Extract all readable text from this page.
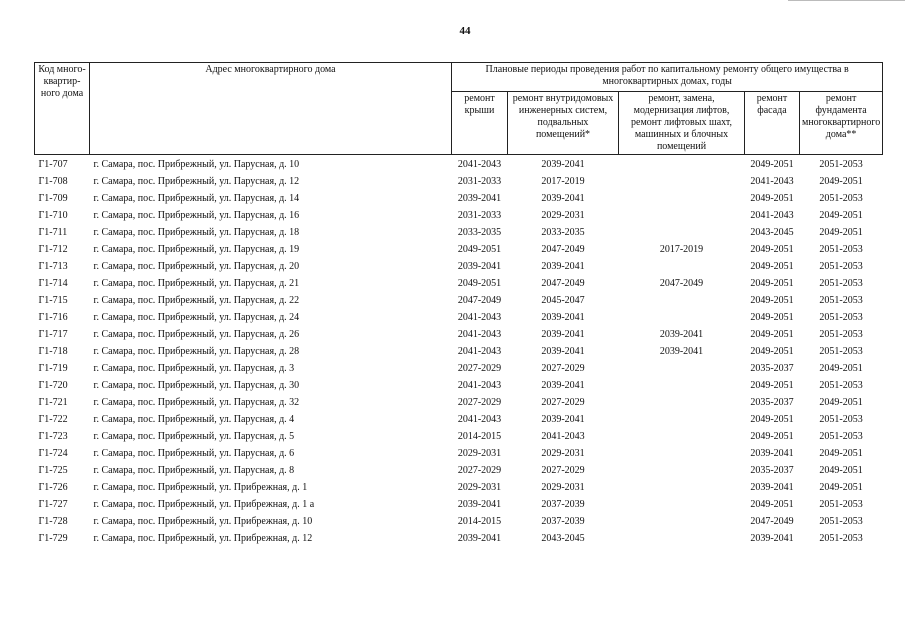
44
Код много-квартир-ного дома	Адрес многоквартирного дома	Плановые периоды проведения работ по капитальному ремонту общего имущества в многоквартирных домах, годы				
		ремонт крыши	ремонт внутридомовых инженерных систем, подвальных помещений*	ремонт, замена, модернизация лифтов, ремонт лифтовых шахт, машинных и блочных помещений	ремонт фасада	ремонт фундамента многоквартирного дома**
Г1-707	г. Самара, пос. Прибрежный, ул. Парусная, д. 10	2041-2043	2039-2041		2049-2051	2051-2053
Г1-708	г. Самара, пос. Прибрежный, ул. Парусная, д. 12	2031-2033	2017-2019		2041-2043	2049-2051
Г1-709	г. Самара, пос. Прибрежный, ул. Парусная, д. 14	2039-2041	2039-2041		2049-2051	2051-2053
Г1-710	г. Самара, пос. Прибрежный, ул. Парусная, д. 16	2031-2033	2029-2031		2041-2043	2049-2051
Г1-711	г. Самара, пос. Прибрежный, ул. Парусная, д. 18	2033-2035	2033-2035		2043-2045	2049-2051
Г1-712	г. Самара, пос. Прибрежный, ул. Парусная, д. 19	2049-2051	2047-2049	2017-2019	2049-2051	2051-2053
Г1-713	г. Самара, пос. Прибрежный, ул. Парусная, д. 20	2039-2041	2039-2041		2049-2051	2051-2053
Г1-714	г. Самара, пос. Прибрежный, ул. Парусная, д. 21	2049-2051	2047-2049	2047-2049	2049-2051	2051-2053
Г1-715	г. Самара, пос. Прибрежный, ул. Парусная, д. 22	2047-2049	2045-2047		2049-2051	2051-2053
Г1-716	г. Самара, пос. Прибрежный, ул. Парусная, д. 24	2041-2043	2039-2041		2049-2051	2051-2053
Г1-717	г. Самара, пос. Прибрежный, ул. Парусная, д. 26	2041-2043	2039-2041	2039-2041	2049-2051	2051-2053
Г1-718	г. Самара, пос. Прибрежный, ул. Парусная, д. 28	2041-2043	2039-2041	2039-2041	2049-2051	2051-2053
Г1-719	г. Самара, пос. Прибрежный, ул. Парусная, д. 3	2027-2029	2027-2029		2035-2037	2049-2051
Г1-720	г. Самара, пос. Прибрежный, ул. Парусная, д. 30	2041-2043	2039-2041		2049-2051	2051-2053
Г1-721	г. Самара, пос. Прибрежный, ул. Парусная, д. 32	2027-2029	2027-2029		2035-2037	2049-2051
Г1-722	г. Самара, пос. Прибрежный, ул. Парусная, д. 4	2041-2043	2039-2041		2049-2051	2051-2053
Г1-723	г. Самара, пос. Прибрежный, ул. Парусная, д. 5	2014-2015	2041-2043		2049-2051	2051-2053
Г1-724	г. Самара, пос. Прибрежный, ул. Парусная, д. 6	2029-2031	2029-2031		2039-2041	2049-2051
Г1-725	г. Самара, пос. Прибрежный, ул. Парусная, д. 8	2027-2029	2027-2029		2035-2037	2049-2051
Г1-726	г. Самара, пос. Прибрежный, ул. Прибрежная, д. 1	2029-2031	2029-2031		2039-2041	2049-2051
Г1-727	г. Самара, пос. Прибрежный, ул. Прибрежная, д. 1 а	2039-2041	2037-2039		2049-2051	2051-2053
Г1-728	г. Самара, пос. Прибрежный, ул. Прибрежная, д. 10	2014-2015	2037-2039		2047-2049	2051-2053
Г1-729	г. Самара, пос. Прибрежный, ул. Прибрежная, д. 12	2039-2041	2043-2045		2039-2041	2051-2053
